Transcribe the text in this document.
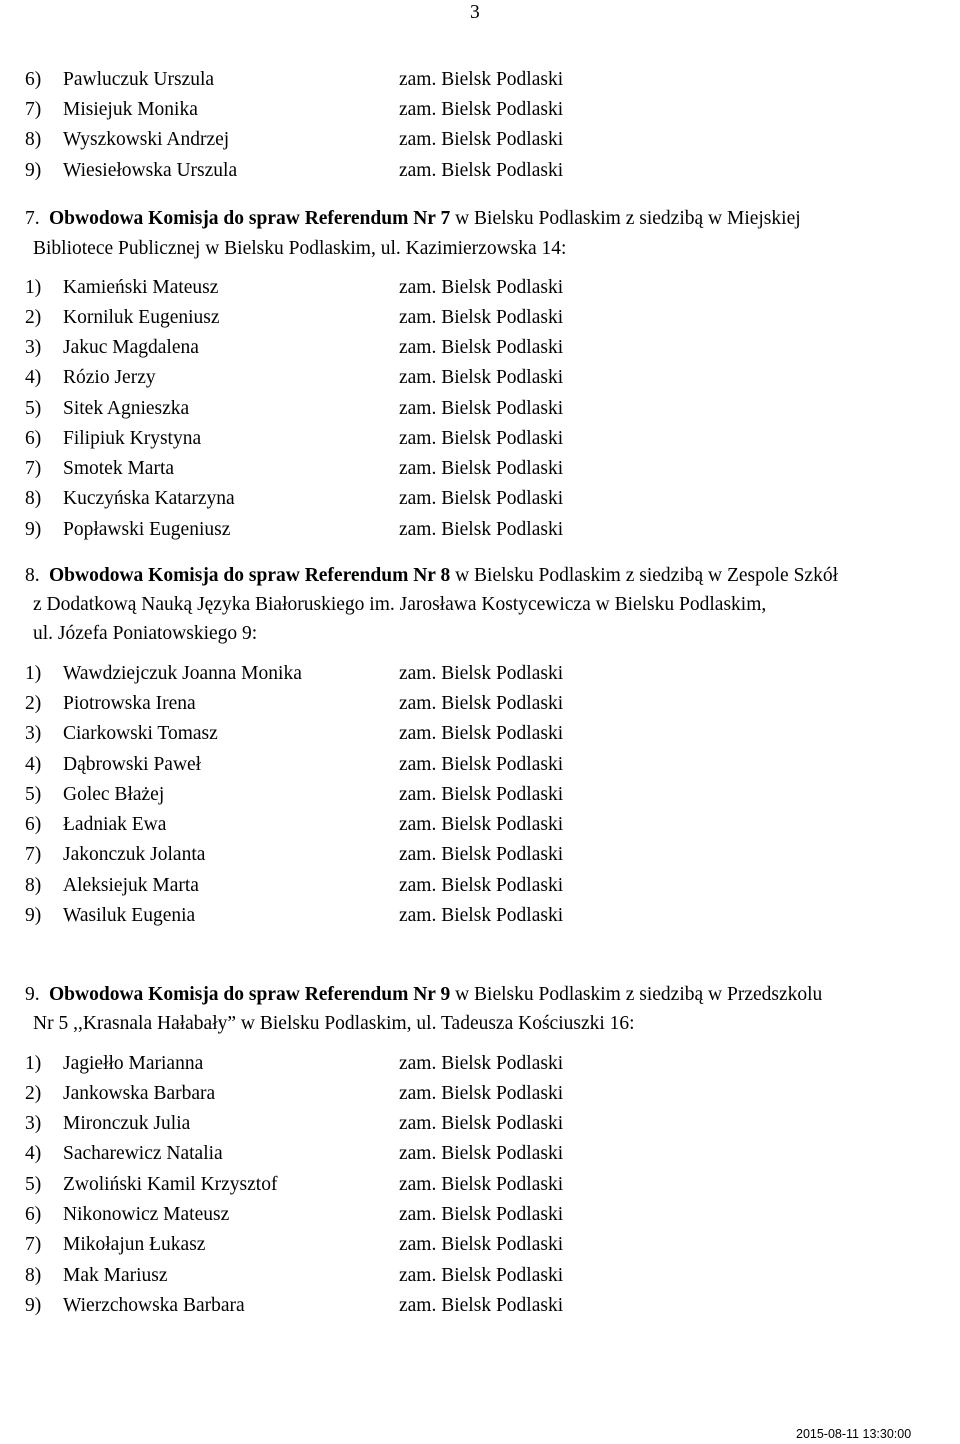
3
6) Pawluczuk Urszula	zam. Bielsk Podlaski
7) Misiejuk Monika	zam. Bielsk Podlaski
8) Wyszkowski Andrzej	zam. Bielsk Podlaski
9) Wiesiełowska Urszula	zam. Bielsk Podlaski
7. Obwodowa Komisja do spraw Referendum Nr 7 w Bielsku Podlaskim z siedzibą w Miejskiej
Bibliotece Publicznej w Bielsku Podlaskim, ul. Kazimierzowska 14:
1) Kamieński Mateusz	zam. Bielsk Podlaski
2) Korniluk Eugeniusz	zam. Bielsk Podlaski
3) Jakuc Magdalena	zam. Bielsk Podlaski
4) Rózio Jerzy	zam. Bielsk Podlaski
5) Sitek Agnieszka	zam. Bielsk Podlaski
6) Filipiuk Krystyna	zam. Bielsk Podlaski
7) Smotek Marta	zam. Bielsk Podlaski
8) Kuczyńska Katarzyna	zam. Bielsk Podlaski
9) Popławski Eugeniusz	zam. Bielsk Podlaski
8. Obwodowa Komisja do spraw Referendum Nr 8 w Bielsku Podlaskim z siedzibą w Zespole Szkół
z Dodatkową Nauką Języka Białoruskiego im. Jarosława Kostycewicza w Bielsku Podlaskim,
ul. Józefa Poniatowskiego 9:
1) Wawdziejczuk Joanna Monika	zam. Bielsk Podlaski
2) Piotrowska Irena	zam. Bielsk Podlaski
3) Ciarkowski Tomasz	zam. Bielsk Podlaski
4) Dąbrowski Paweł	zam. Bielsk Podlaski
5) Golec Błażej	zam. Bielsk Podlaski
6) Ładniak Ewa	zam. Bielsk Podlaski
7) Jakonczuk Jolanta	zam. Bielsk Podlaski
8) Aleksiejuk Marta	zam. Bielsk Podlaski
9) Wasiluk Eugenia	zam. Bielsk Podlaski
9. Obwodowa Komisja do spraw Referendum Nr 9 w Bielsku Podlaskim z siedzibą w Przedszkolu
Nr 5 ,,Krasnala Hałabały” w Bielsku Podlaskim, ul. Tadeusza Kościuszki 16:
1) Jagiełło Marianna	zam. Bielsk Podlaski
2) Jankowska Barbara	zam. Bielsk Podlaski
3) Mironczuk Julia	zam. Bielsk Podlaski
4) Sacharewicz Natalia	zam. Bielsk Podlaski
5) Zwoliński Kamil Krzysztof	zam. Bielsk Podlaski
6) Nikonowicz Mateusz	zam. Bielsk Podlaski
7) Mikołajun Łukasz	zam. Bielsk Podlaski
8) Mak Mariusz	zam. Bielsk Podlaski
9) Wierzchowska Barbara	zam. Bielsk Podlaski
2015-08-11 13:30:00
